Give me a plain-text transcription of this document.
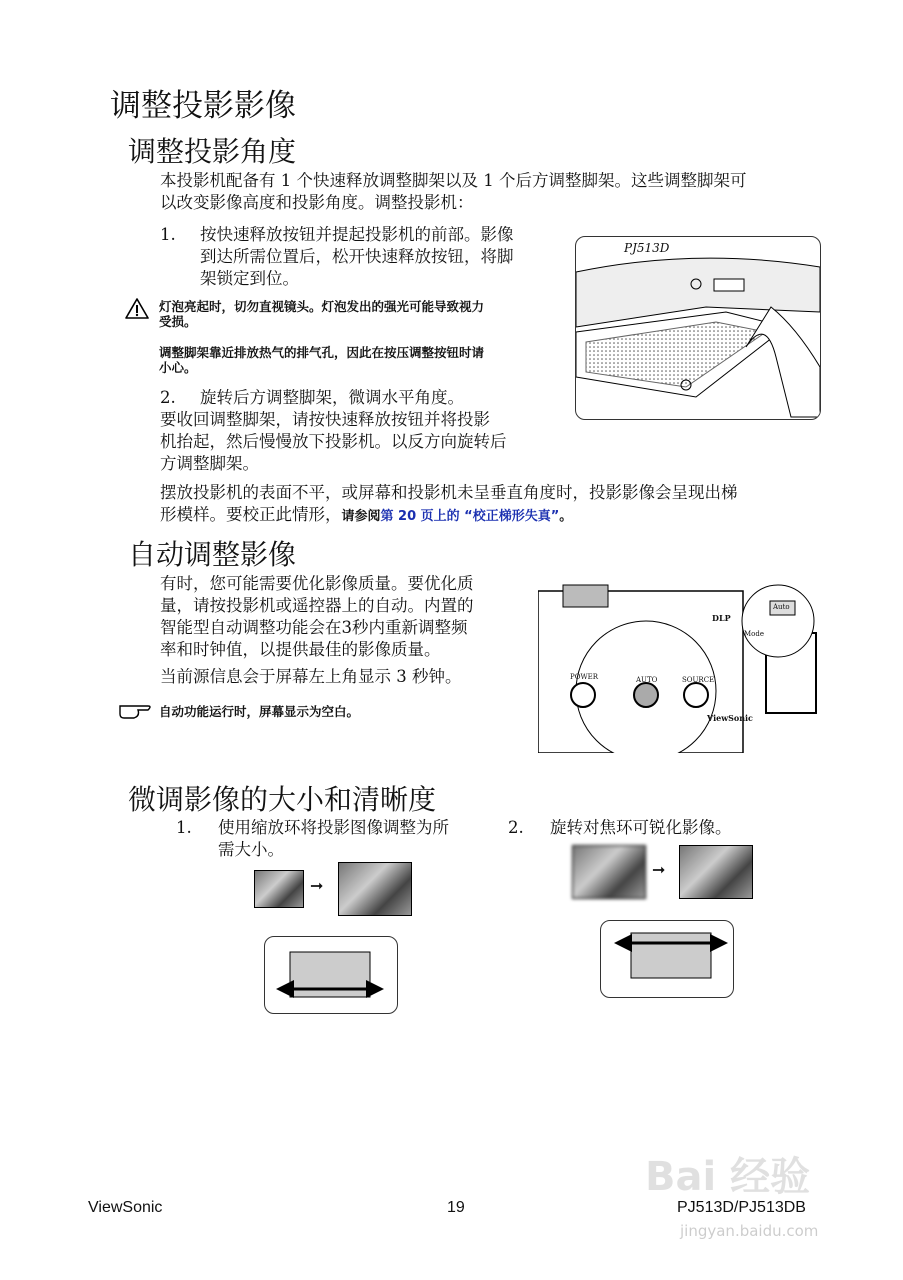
调整投影影像
调整投影角度
本投影机配备有 1 个快速释放调整脚架以及 1 个后方调整脚架。这些调整脚架可
以改变影像高度和投影角度。调整投影机：
1. 按快速释放按钮并提起投影机的前部。影像
到达所需位置后，松开快速释放按钮，将脚
架锁定到位。
灯泡亮起时，切勿直视镜头。灯泡发出的强光可能导致视力
受损。
调整脚架靠近排放热气的排气孔，因此在按压调整按钮时请
小心。
2. 旋转后方调整脚架，微调水平角度。
要收回调整脚架，请按快速释放按钮并将投影
机抬起，然后慢慢放下投影机。以反方向旋转后
方调整脚架。
PJ513D
摆放投影机的表面不平，或屏幕和投影机未呈垂直角度时，投影影像会呈现出梯
形模样。要校正此情形，请参阅第 20 页上的 “校正梯形失真”。
自动调整影像
有时，您可能需要优化影像质量。要优化质
量，请按投影机或遥控器上的自动。内置的
智能型自动调整功能会在3秒内重新调整频
率和时钟值，以提供最佳的影像质量。
当前源信息会于屏幕左上角显示 3 秒钟。
自动功能运行时，屏幕显示为空白。
DLP
POWER	AUTO	SOURCE
ViewSonic
Auto
Mode
微调影像的大小和清晰度
1. 使用缩放环将投影图像调整为所
需大小。
2. 旋转对焦环可锐化影像。
➞
➞
Bai 经验
jingyan.baidu.com
ViewSonic	19	PJ513D/PJ513DB
